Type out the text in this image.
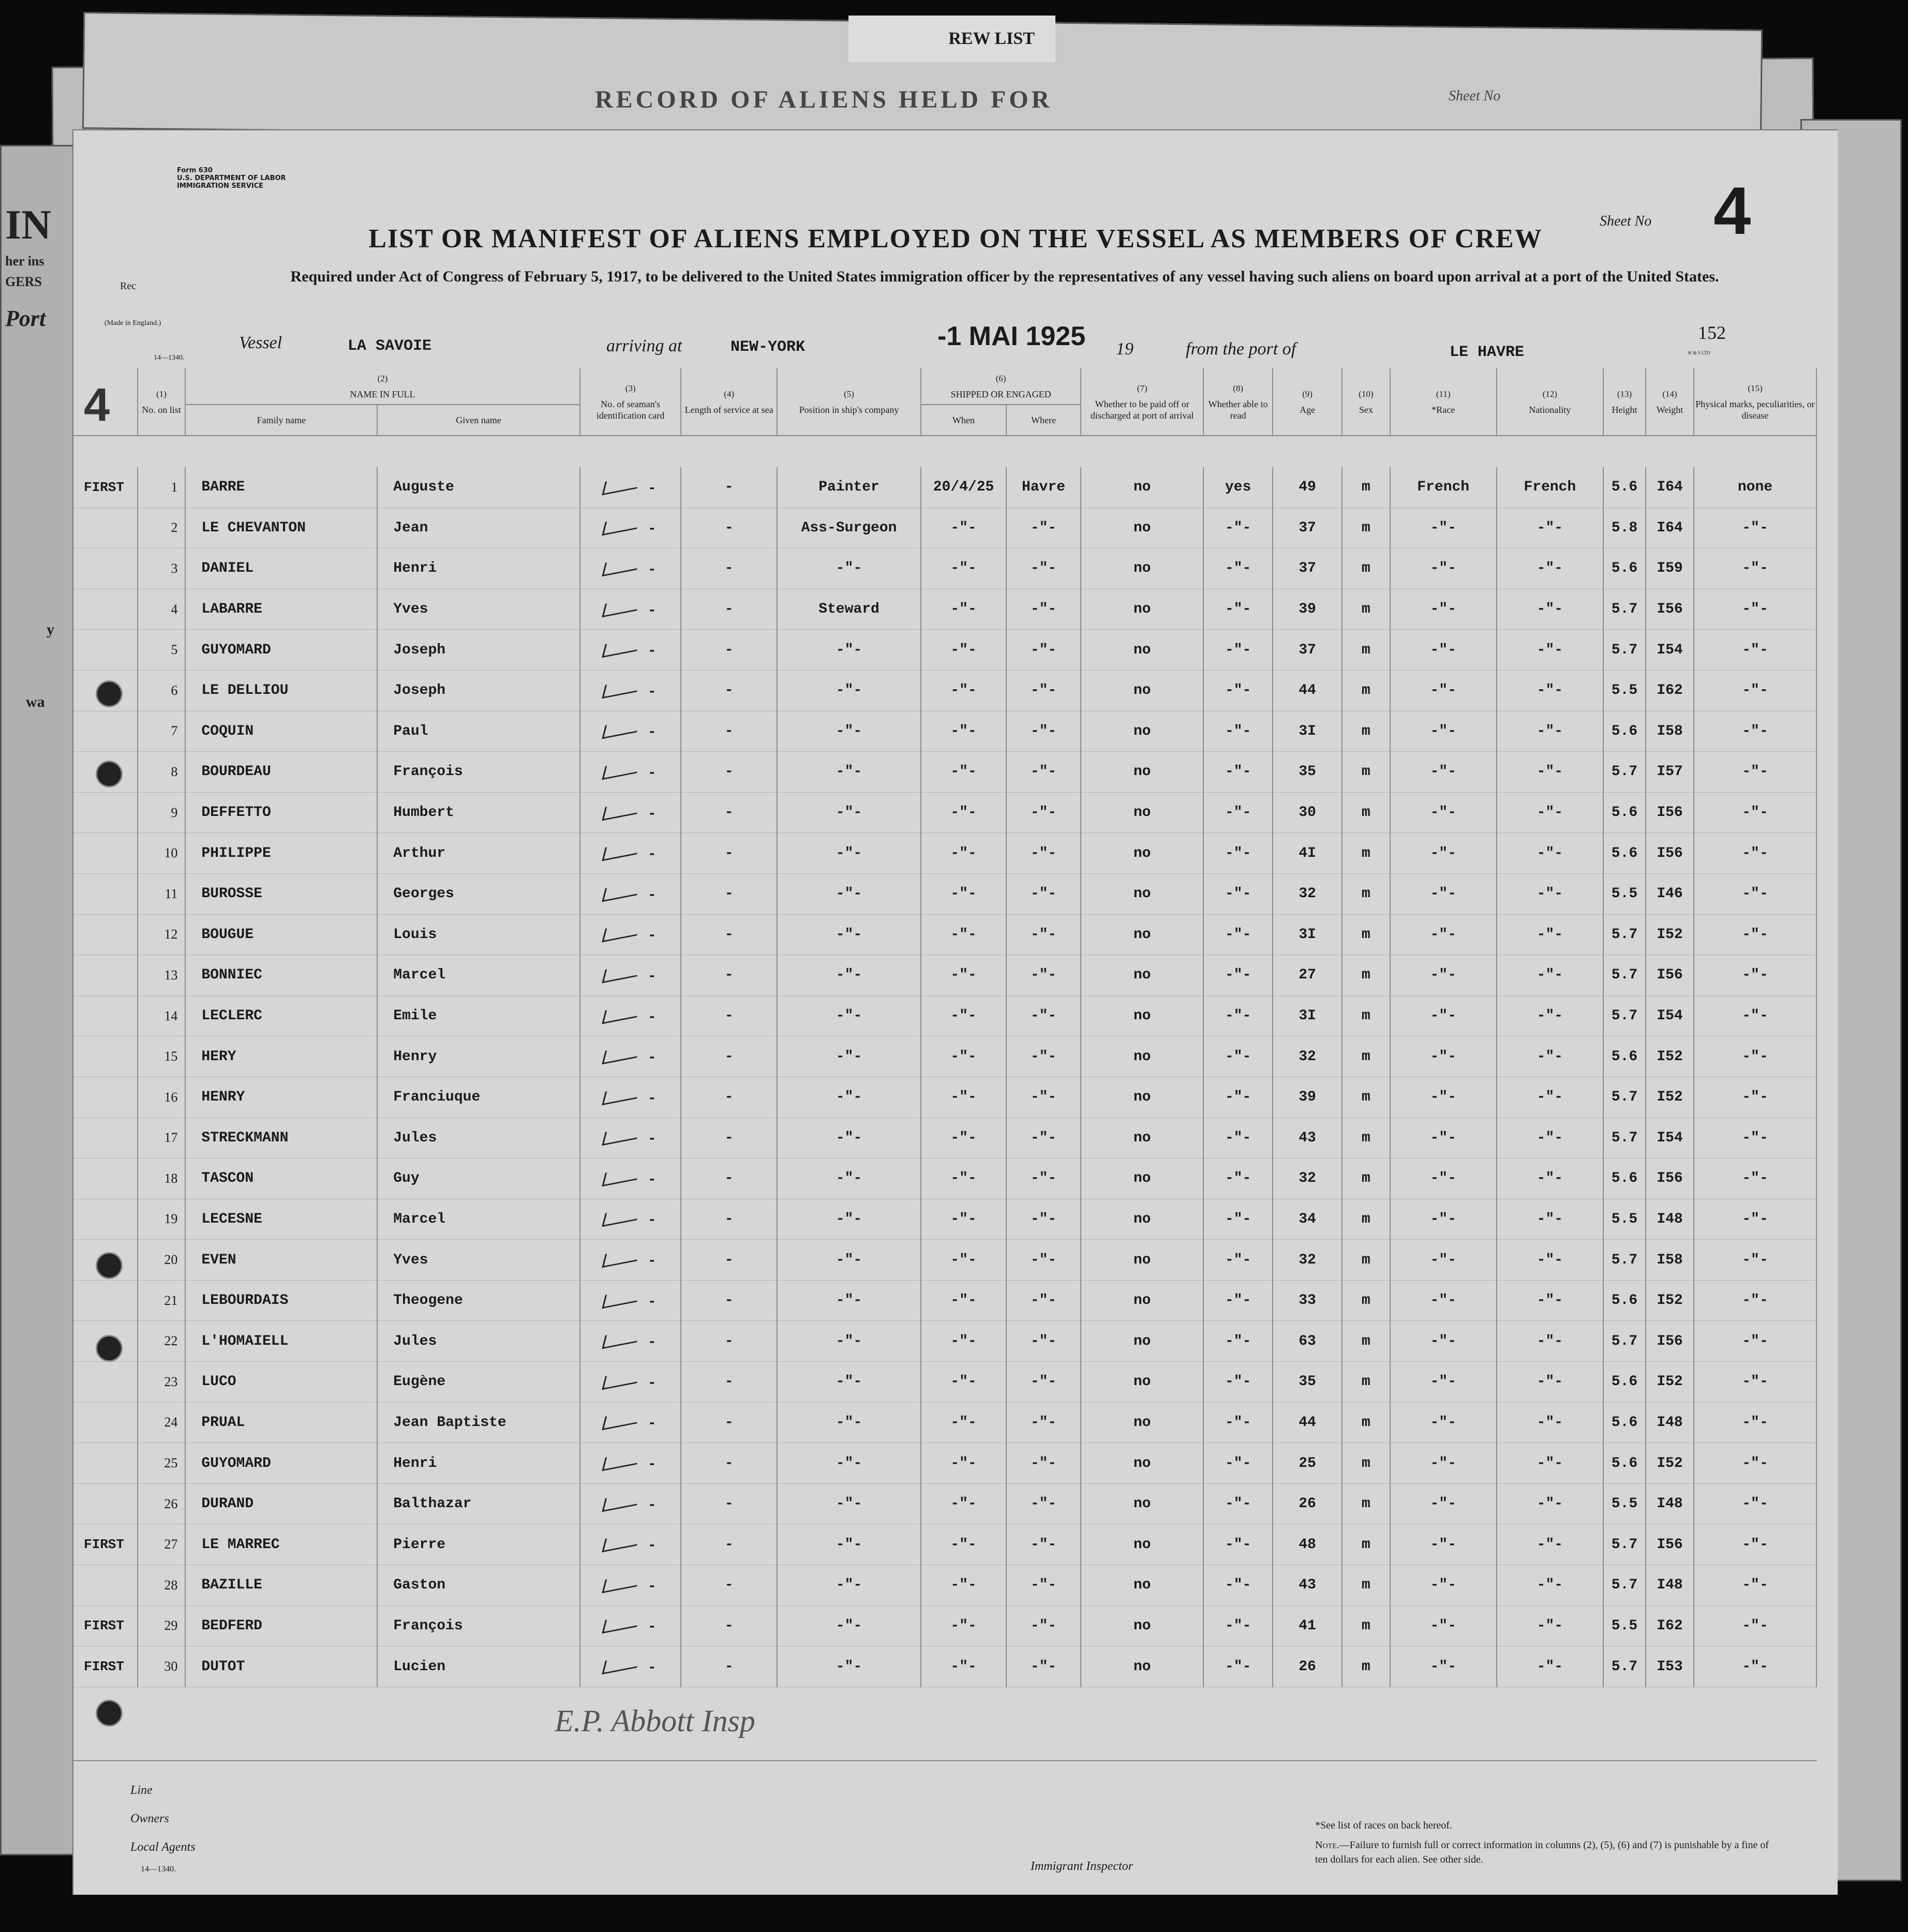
REW LIST
RECORD OF ALIENS HELD FOR	Sheet No
IN
her ins
GERS
Port
wa
y
Form 630
U.S. DEPARTMENT OF LABOR
IMMIGRATION SERVICE
Rec
(Made in England.)
14—1340.
LIST OR MANIFEST OF ALIENS EMPLOYED ON THE VESSEL AS MEMBERS OF CREW
Sheet No 4
Required under Act of Congress of February 5, 1917, to be delivered to the United States immigration officer by the representatives of any vessel having such aliens on board upon arrival at a port of the United States.
Vessel	LA SAVOIE	arriving at	NEW-YORK	-1 MAI 1925 19	from the port of	LE HAVRE
152
W & S LTD
4

	(1)
No. on list	(2)
NAME IN FULL		(3)
No. of seaman's identification card	(4)
Length of service at sea	(5)
Position in ship's company	(6)
SHIPPED OR ENGAGED		(7)
Whether to be paid off or discharged at port of arrival	(8)
Whether able to read	(9)
Age	(10)
Sex	(11)
*Race	(12)
Nationality	(13)
Height	(14)
Weight	(15)
Physical marks, peculiarities, or disease
		Family name	Given name				When	Where									

FIRST	1	BARRE	Auguste	-	-	Painter	20/4/25	Havre	no	yes	49	m	French	French	5.6	I64	none
	2	LE CHEVANTON	Jean	-	-	Ass-Surgeon	-"-	-"-	no	-"-	37	m	-"-	-"-	5.8	I64	-"-
	3	DANIEL	Henri	-	-	-"-	-"-	-"-	no	-"-	37	m	-"-	-"-	5.6	I59	-"-
	4	LABARRE	Yves	-	-	Steward	-"-	-"-	no	-"-	39	m	-"-	-"-	5.7	I56	-"-
	5	GUYOMARD	Joseph	-	-	-"-	-"-	-"-	no	-"-	37	m	-"-	-"-	5.7	I54	-"-
	6	LE DELLIOU	Joseph	-	-	-"-	-"-	-"-	no	-"-	44	m	-"-	-"-	5.5	I62	-"-
	7	COQUIN	Paul	-	-	-"-	-"-	-"-	no	-"-	3I	m	-"-	-"-	5.6	I58	-"-
	8	BOURDEAU	François	-	-	-"-	-"-	-"-	no	-"-	35	m	-"-	-"-	5.7	I57	-"-
	9	DEFFETTO	Humbert	-	-	-"-	-"-	-"-	no	-"-	30	m	-"-	-"-	5.6	I56	-"-
	10	PHILIPPE	Arthur	-	-	-"-	-"-	-"-	no	-"-	4I	m	-"-	-"-	5.6	I56	-"-
	11	BUROSSE	Georges	-	-	-"-	-"-	-"-	no	-"-	32	m	-"-	-"-	5.5	I46	-"-
	12	BOUGUE	Louis	-	-	-"-	-"-	-"-	no	-"-	3I	m	-"-	-"-	5.7	I52	-"-
	13	BONNIEC	Marcel	-	-	-"-	-"-	-"-	no	-"-	27	m	-"-	-"-	5.7	I56	-"-
	14	LECLERC	Emile	-	-	-"-	-"-	-"-	no	-"-	3I	m	-"-	-"-	5.7	I54	-"-
	15	HERY	Henry	-	-	-"-	-"-	-"-	no	-"-	32	m	-"-	-"-	5.6	I52	-"-
	16	HENRY	Franciuque	-	-	-"-	-"-	-"-	no	-"-	39	m	-"-	-"-	5.7	I52	-"-
	17	STRECKMANN	Jules	-	-	-"-	-"-	-"-	no	-"-	43	m	-"-	-"-	5.7	I54	-"-
	18	TASCON	Guy	-	-	-"-	-"-	-"-	no	-"-	32	m	-"-	-"-	5.6	I56	-"-
	19	LECESNE	Marcel	-	-	-"-	-"-	-"-	no	-"-	34	m	-"-	-"-	5.5	I48	-"-
	20	EVEN	Yves	-	-	-"-	-"-	-"-	no	-"-	32	m	-"-	-"-	5.7	I58	-"-
	21	LEBOURDAIS	Theogene	-	-	-"-	-"-	-"-	no	-"-	33	m	-"-	-"-	5.6	I52	-"-
	22	L'HOMAIELL	Jules	-	-	-"-	-"-	-"-	no	-"-	63	m	-"-	-"-	5.7	I56	-"-
	23	LUCO	Eugène	-	-	-"-	-"-	-"-	no	-"-	35	m	-"-	-"-	5.6	I52	-"-
	24	PRUAL	Jean Baptiste	-	-	-"-	-"-	-"-	no	-"-	44	m	-"-	-"-	5.6	I48	-"-
	25	GUYOMARD	Henri	-	-	-"-	-"-	-"-	no	-"-	25	m	-"-	-"-	5.6	I52	-"-
	26	DURAND	Balthazar	-	-	-"-	-"-	-"-	no	-"-	26	m	-"-	-"-	5.5	I48	-"-
FIRST	27	LE MARREC	Pierre	-	-	-"-	-"-	-"-	no	-"-	48	m	-"-	-"-	5.7	I56	-"-
	28	BAZILLE	Gaston	-	-	-"-	-"-	-"-	no	-"-	43	m	-"-	-"-	5.7	I48	-"-
FIRST	29	BEDFERD	François	-	-	-"-	-"-	-"-	no	-"-	41	m	-"-	-"-	5.5	I62	-"-
FIRST	30	DUTOT	Lucien	-	-	-"-	-"-	-"-	no	-"-	26	m	-"-	-"-	5.7	I53	-"-
E.P. Abbott Insp
Line
Owners
Local Agents
14—1340.	Immigrant Inspector
*See list of races on back hereof.
Note.—Failure to furnish full or correct information in columns (2), (5), (6) and (7) is punishable by a fine of ten dollars for each alien. See other side.
